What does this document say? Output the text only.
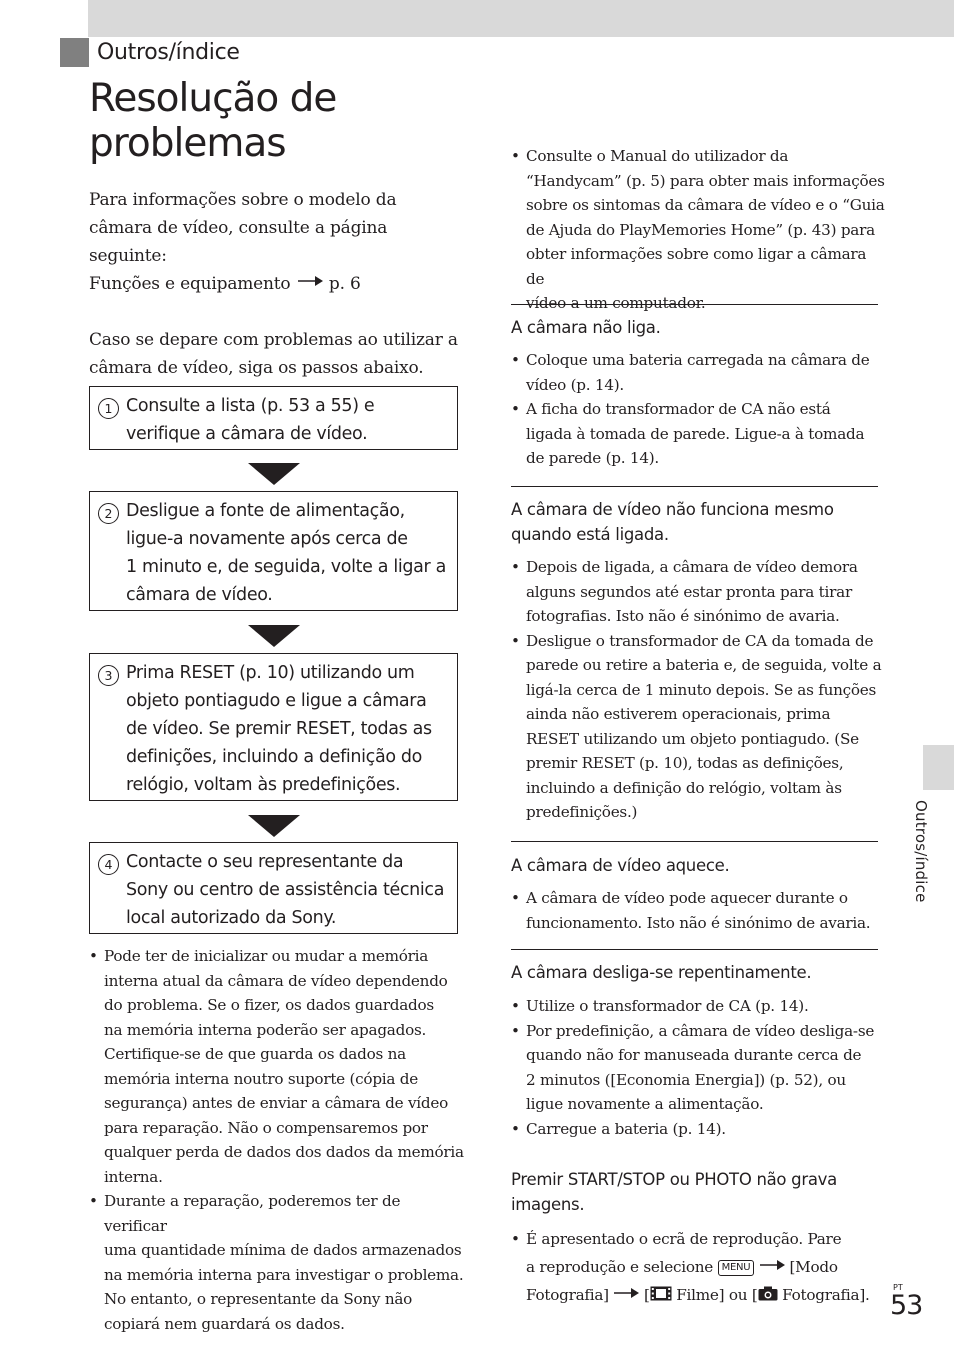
Outros/índice
Resolução de
problemas

Para informações sobre o modelo da

câmara de vídeo, consulte a página

seguinte:

Funções e equipamento p. 6

Caso se depare com problemas ao utilizar a

câmara de vídeo, siga os passos abaixo.

1 Consulte a lista (p. 53 a 55) e
verifique a câmara de vídeo.
2 Desligue a fonte de alimentação,
ligue-a novamente após cerca de
1 minuto e, de seguida, volte a ligar a
câmara de vídeo.
3 Prima RESET (p. 10) utilizando um
objeto pontiagudo e ligue a câmara
de vídeo. Se premir RESET, todas as
definições, incluindo a definição do
relógio, voltam às predefinições.
4 Contacte o seu representante da
Sony ou centro de assistência técnica
local autorizado da Sony.
• Pode ter de inicializar ou mudar a memória
interna atual da câmara de vídeo dependendo
do problema. Se o fizer, os dados guardados
na memória interna poderão ser apagados.
Certifique-se de que guarda os dados na
memória interna noutro suporte (cópia de
segurança) antes de enviar a câmara de vídeo
para reparação. Não o compensaremos por
qualquer perda de dados dos dados da memória
interna.
• Durante a reparação, poderemos ter de verificar
uma quantidade mínima de dados armazenados
na memória interna para investigar o problema.
No entanto, o representante da Sony não
copiará nem guardará os dados.
• Consulte o Manual do utilizador da
“Handycam” (p. 5) para obter mais informações
sobre os sintomas da câmara de vídeo e o “Guia
de Ajuda do PlayMemories Home” (p. 43) para
obter informações sobre como ligar a câmara de
vídeo a um computador.
A câmara não liga.
• Coloque uma bateria carregada na câmara de
vídeo (p. 14).
• A ficha do transformador de CA não está
ligada à tomada de parede. Ligue-a à tomada
de parede (p. 14).
A câmara de vídeo não funciona mesmo
quando está ligada.
• Depois de ligada, a câmara de vídeo demora
alguns segundos até estar pronta para tirar
fotografias. Isto não é sinónimo de avaria.
• Desligue o transformador de CA da tomada de
parede ou retire a bateria e, de seguida, volte a
ligá-la cerca de 1 minuto depois. Se as funções
ainda não estiverem operacionais, prima
RESET utilizando um objeto pontiagudo. (Se
premir RESET (p. 10), todas as definições,
incluindo a definição do relógio, voltam às
predefinições.)
A câmara de vídeo aquece.
• A câmara de vídeo pode aquecer durante o
funcionamento. Isto não é sinónimo de avaria.
A câmara desliga-se repentinamente.
• Utilize o transformador de CA (p. 14).
• Por predefinição, a câmara de vídeo desliga-se
quando não for manuseada durante cerca de
2 minutos ([Economia Energia]) (p. 52), ou
ligue novamente a alimentação.
• Carregue a bateria (p. 14).
Premir START/STOP ou PHOTO não grava
imagens.
• É apresentado o ecrã de reprodução. Pare
a reprodução e selecione MENU	[Modo
Fotografia] [ Filme] ou [ Fotografia].
Outros/índice
PT
53
